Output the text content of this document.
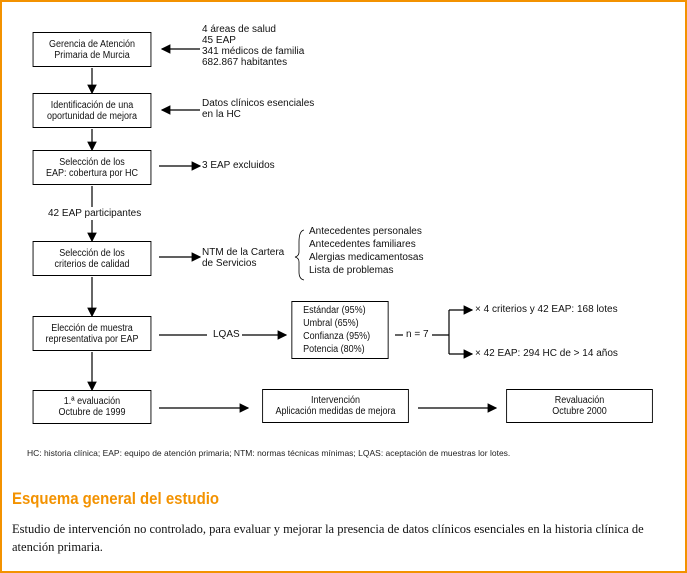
Gerencia de Atención
Primaria de Murcia
Identificación de una
oportunidad de mejora
Selección de los
EAP: cobertura por HC
Selección de los
criterios de calidad
Elección de muestra
representativa por EAP
Estándar (95%)
Umbral (65%)
Confianza (95%)
Potencia (80%)
1.ª evaluación
Octubre de 1999
Intervención
Aplicación medidas de mejora
Revaluación
Octubre 2000
4 áreas de salud
45 EAP
341 médicos de familia
682.867 habitantes
Datos clínicos esenciales
en la HC
3 EAP excluidos
42 EAP participantes
NTM de la Cartera
de Servicios
Antecedentes personales
Antecedentes familiares
Alergias medicamentosas
Lista de problemas
LQAS	n = 7
× 4 criterios y 42 EAP: 168 lotes
× 42 EAP: 294 HC de > 14 años
HC: historia clínica; EAP: equipo de atención primaria; NTM: normas técnicas mínimas; LQAS: aceptación de muestras lor lotes.
Esquema general del estudio
Estudio de intervención no controlado, para evaluar y mejorar la presencia de datos clínicos esenciales en la historia clínica de atención primaria.
